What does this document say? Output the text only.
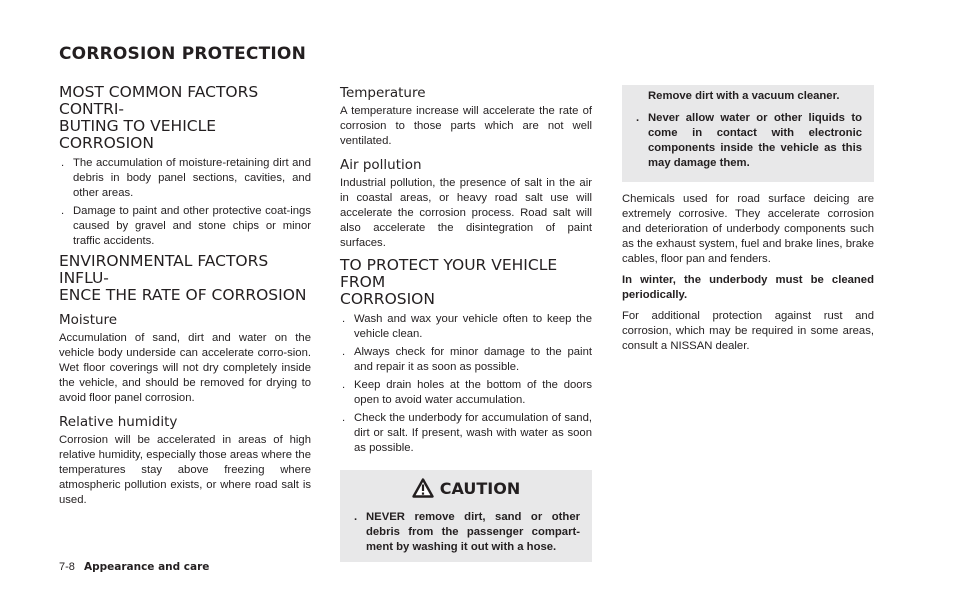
CORROSION PROTECTION
MOST COMMON FACTORS CONTRI-
BUTING TO VEHICLE CORROSION
. The accumulation of moisture-retaining dirt and debris in body panel sections, cavities, and other areas.
. Damage to paint and other protective coat-ings caused by gravel and stone chips or minor traffic accidents.
ENVIRONMENTAL FACTORS INFLU-
ENCE THE RATE OF CORROSION
Moisture

Accumulation of sand, dirt and water on the vehicle body underside can accelerate corro-sion. Wet floor coverings will not dry completely inside the vehicle, and should be removed for drying to avoid floor panel corrosion.

Relative humidity

Corrosion will be accelerated in areas of high relative humidity, especially those areas where the temperatures stay above freezing where atmospheric pollution exists, or where road salt is used.

Temperature

A temperature increase will accelerate the rate of corrosion to those parts which are not well ventilated.

Air pollution

Industrial pollution, the presence of salt in the air in coastal areas, or heavy road salt use will accelerate the corrosion process. Road salt will also accelerate the disintegration of paint surfaces.

TO PROTECT YOUR VEHICLE FROM
CORROSION
. Wash and wax your vehicle often to keep the vehicle clean.
. Always check for minor damage to the paint and repair it as soon as possible.
. Keep drain holes at the bottom of the doors open to avoid water accumulation.
. Check the underbody for accumulation of sand, dirt or salt. If present, wash with water as soon as possible.
CAUTION
. NEVER remove dirt, sand or other debris from the passenger compart-ment by washing it out with a hose.

Remove dirt with a vacuum cleaner.

. Never allow water or other liquids to come in contact with electronic components inside the vehicle as this may damage them.

Chemicals used for road surface deicing are extremely corrosive. They accelerate corrosion and deterioration of underbody components such as the exhaust system, fuel and brake lines, brake cables, floor pan and fenders.

In winter, the underbody must be cleaned periodically.

For additional protection against rust and corrosion, which may be required in some areas, consult a NISSAN dealer.

7-8 Appearance and care
